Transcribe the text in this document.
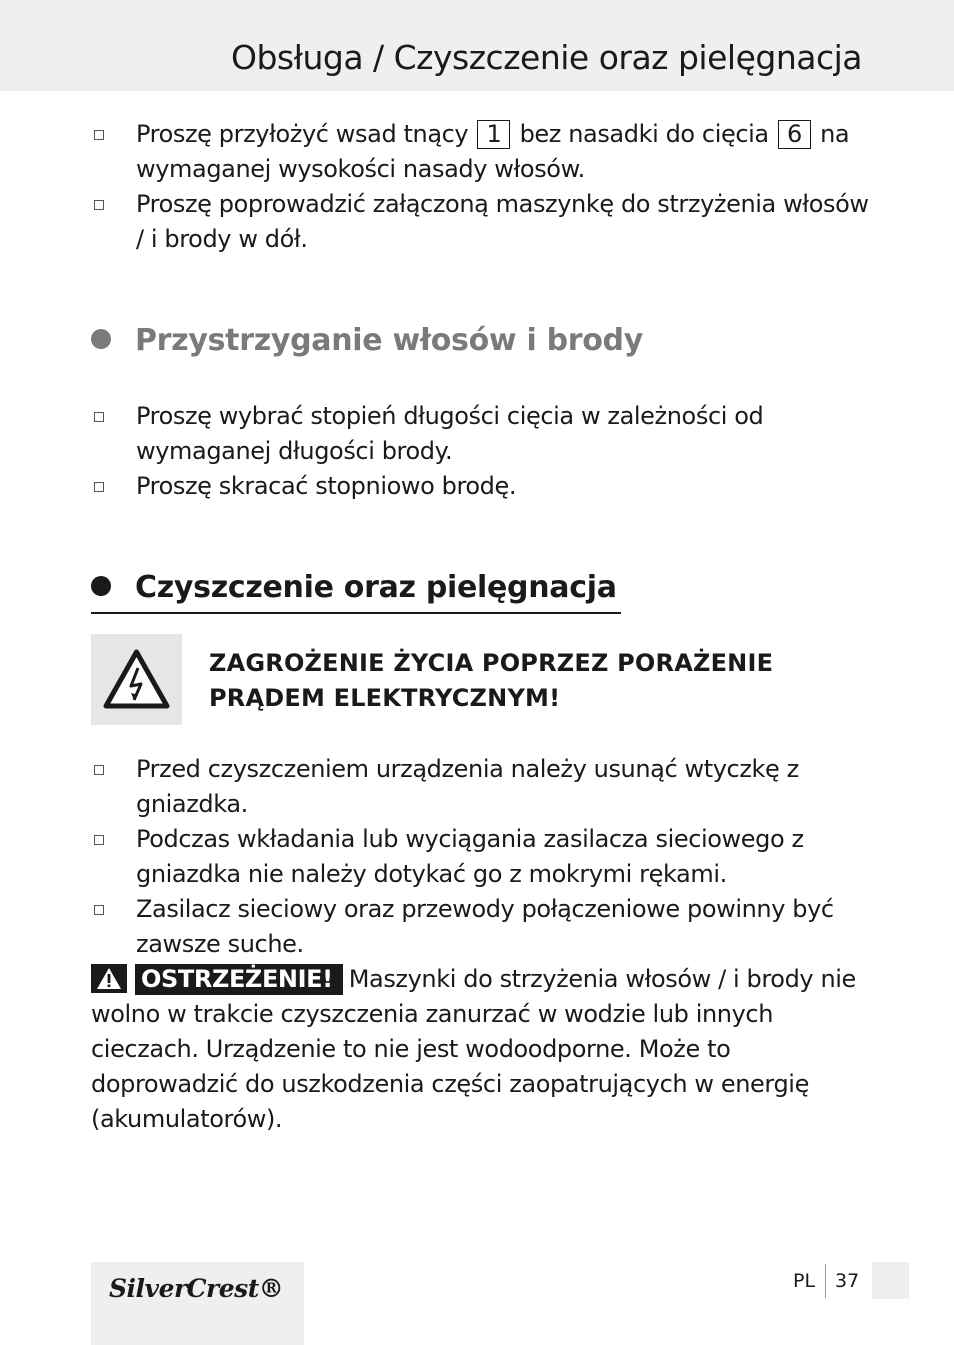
Obsługa / Czyszczenie oraz pielęgnacja
Proszę przyłożyć wsad tnący 1 bez nasadki do cięcia 6 na wymaganej wysokości nasady włosów.
Proszę poprowadzić załączoną maszynkę do strzyżenia włosów / i brody w dół.
Przystrzyganie włosów i brody
Proszę wybrać stopień długości cięcia w zależności od wymaganej długości brody.
Proszę skracać stopniowo brodę.
Czyszczenie oraz pielęgnacja
ZAGROŻENIE ŻYCIA POPRZEZ PORAŻENIE PRĄDEM ELEKTRYCZNYM!
Przed czyszczeniem urządzenia należy usunąć wtyczkę z gniazdka.
Podczas wkładania lub wyciągania zasilacza sieciowego z gniazdka nie należy dotykać go z mokrymi rękami.
Zasilacz sieciowy oraz przewody połączeniowe powinny być zawsze suche.
OSTRZEŻENIE! Maszynki do strzyżenia włosów / i brody nie wolno w trakcie czyszczenia zanurzać w wodzie lub innych cieczach. Urządzenie to nie jest wodoodporne. Może to doprowadzić do uszkodzenia części zaopatrujących w energię (akumulatorów).
SilverCrest®	PL 37
